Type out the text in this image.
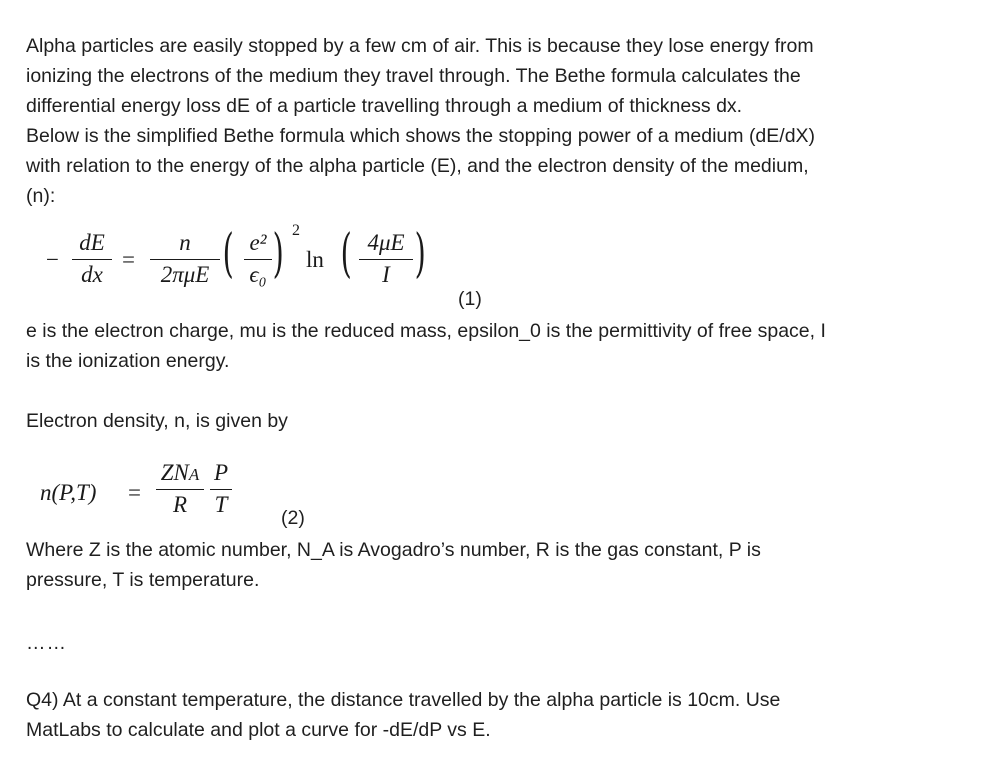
Alpha particles are easily stopped by a few cm of air. This is because they lose energy from
ionizing the electrons of the medium they travel through. The Bethe formula calculates the
differential energy loss dE of a particle travelling through a medium of thickness dx.
Below is the simplified Bethe formula which shows the stopping power of a medium (dE/dX)
with relation to the energy of the alpha particle (E), and the electron density of the medium,
(n):
−
dE
dx
=
n
2πμE ( e²
ϵ₀ ) 2
ln ( 4μE
I )
(1)
e is the electron charge, mu is the reduced mass, epsilon_0 is the permittivity of free space, I
is the ionization energy.
Electron density, n, is given by
n(P,T) =
ZNA
R
P
T
(2)
Where Z is the atomic number, N_A is Avogadro’s number, R is the gas constant, P is
pressure, T is temperature.
……
Q4) At a constant temperature, the distance travelled by the alpha particle is 10cm. Use
MatLabs to calculate and plot a curve for -dE/dP vs E.
